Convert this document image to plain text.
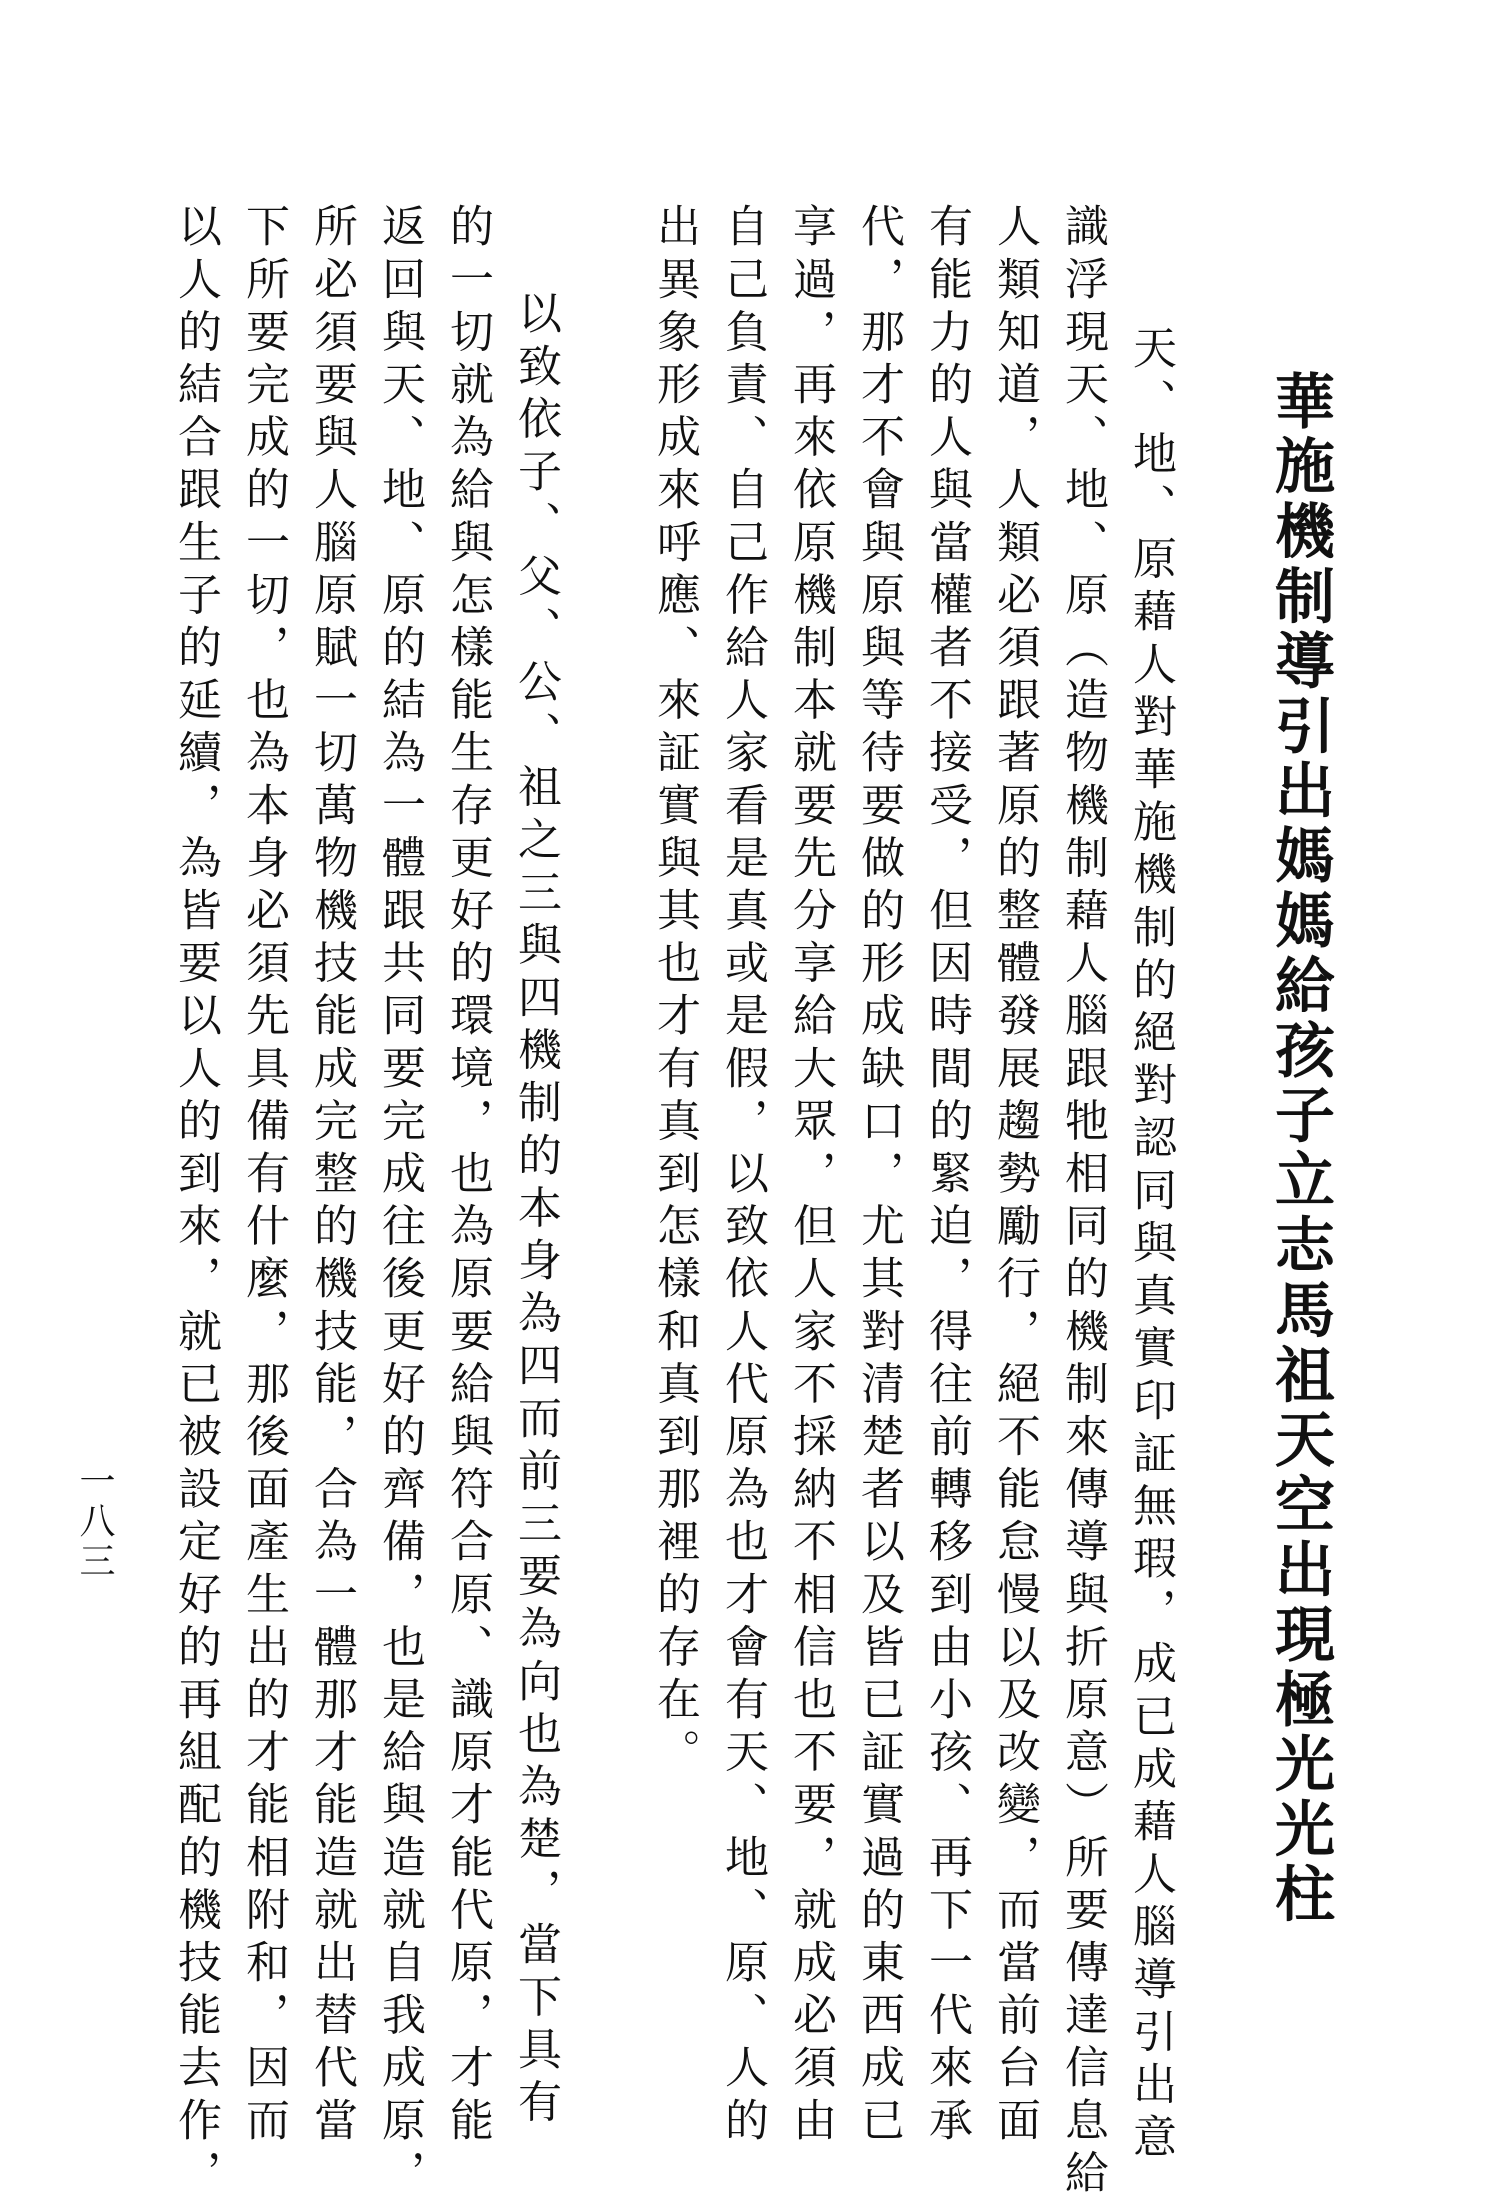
華施機制導引出媽媽給孩子立志馬祖天空出現極光光柱

天、地、原藉人對華施機制的絕對認同與真實印証無瑕，成已成藉人腦導引出意

識浮現天、地、原（造物機制藉人腦跟牠相同的機制來傳導與折原意）所要傳達信息給

人類知道，人類必須跟著原的整體發展趨勢勵行，絕不能怠慢以及改變，而當前台面

有能力的人與當權者不接受，但因時間的緊迫，得往前轉移到由小孩、再下一代來承

代，那才不會與原與等待要做的形成缺口，尤其對清楚者以及皆已証實過的東西成已

享過，再來依原機制本就要先分享給大眾，但人家不採納不相信也不要，就成必須由

自己負責、自己作給人家看是真或是假，以致依人代原為也才會有天、地、原、人的

出異象形成來呼應、來証實與其也才有真到怎樣和真到那裡的存在。

以致依子、父、公、祖之三與四機制的本身為四而前三要為向也為楚，當下具有

的一切就為給與怎樣能生存更好的環境，也為原要給與符合原、識原才能代原，才能

返回與天、地、原的結為一體跟共同要完成往後更好的齊備，也是給與造就自我成原，

所必須要與人腦原賦一切萬物機技能成完整的機技能，合為一體那才能造就出替代當

下所要完成的一切，也為本身必須先具備有什麼，那後面產生出的才能相附和，因而

以人的結合跟生子的延續，為皆要以人的到來，就已被設定好的再組配的機技能去作，

一八三
